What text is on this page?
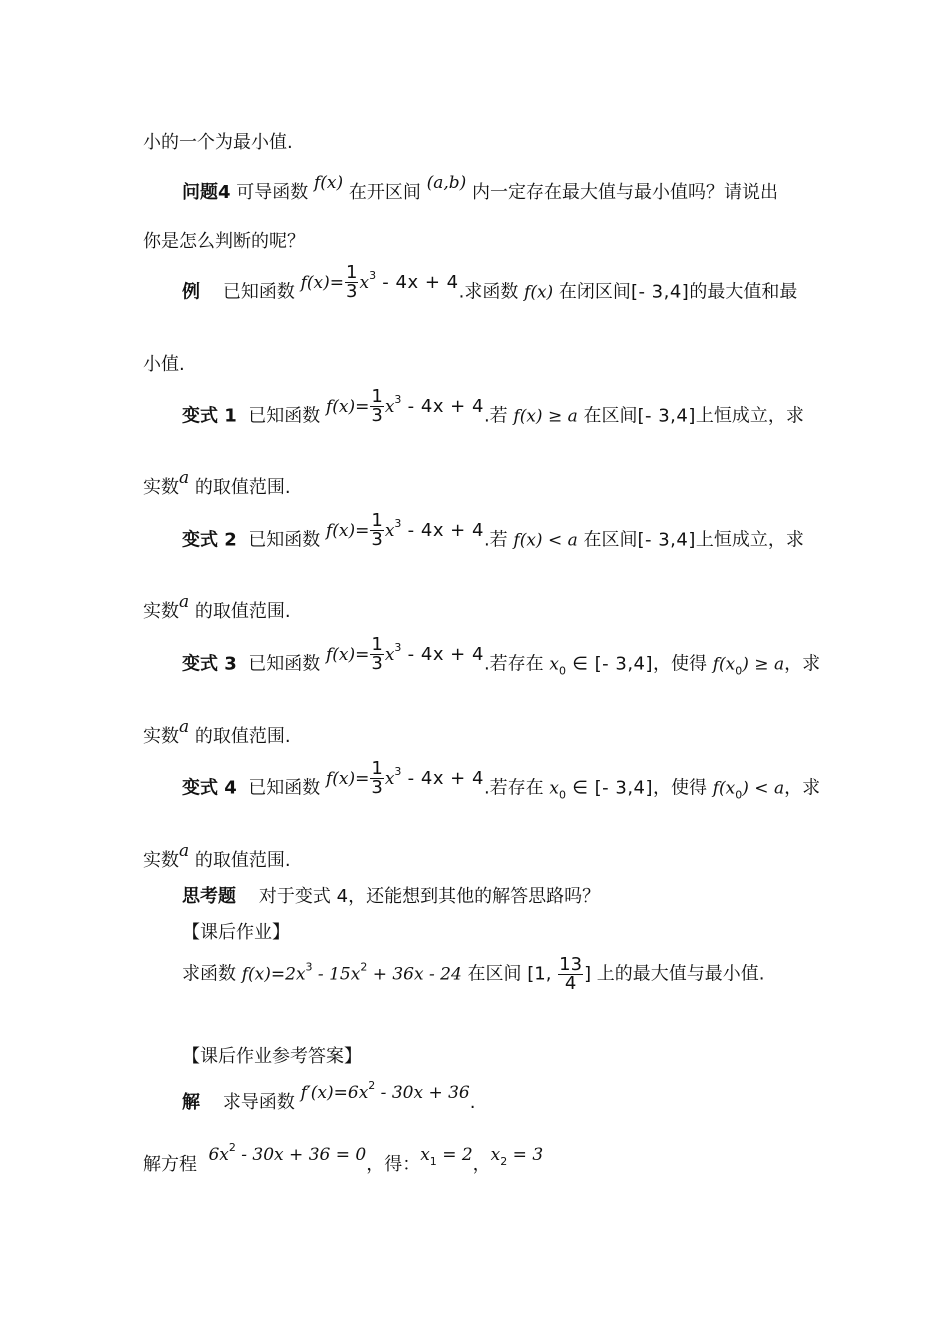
小的一个为最小值.
问题4 可导函数 f(x) 在开区间 (a,b) 内一定存在最大值与最小值吗？请说出
你是怎么判断的呢？
例 已知函数 $f(x)= \frac{1}{3} x^3 - 4x + 4$.求函数 f(x) 在闭区间[- 3,4]的最大值和最
小值.
变式 1 已知函数 $f(x)= \frac{1}{3} x^3 - 4x + 4$.若 f(x) ≥ a 在区间[- 3,4]上恒成立，求
实数a 的取值范围.
变式 2 已知函数 $f(x)= \frac{1}{3} x^3 - 4x + 4$.若 f(x) < a 在区间[- 3,4]上恒成立，求
实数a 的取值范围.
变式 3 已知函数 $f(x)= \frac{1}{3} x^3 - 4x + 4$.若存在 $x_0$ ∈ [- 3,4]，使得 $f(x_0) \ge a$，求
实数a 的取值范围.
变式 4 已知函数 $f(x)= \frac{1}{3} x^3 - 4x + 4$.若存在 $x_0$ ∈ [- 3,4]，使得 $f(x_0) < a$，求
实数a 的取值范围.
思考题 对于变式 4，还能想到其他的解答思路吗？
【课后作业】
求函数 $f(x)=2x^3 - 15x^2 + 36x - 24$ 在区间 [1, $\frac{13}{4}$ ] 上的最大值与最小值.
【课后作业参考答案】
解 求导函数 $f'(x)=6x^2 - 30x + 36$.
解方程  $6x^2 - 30x + 36 = 0$，得：$x_1 = 2$，$x_2 = 3$
